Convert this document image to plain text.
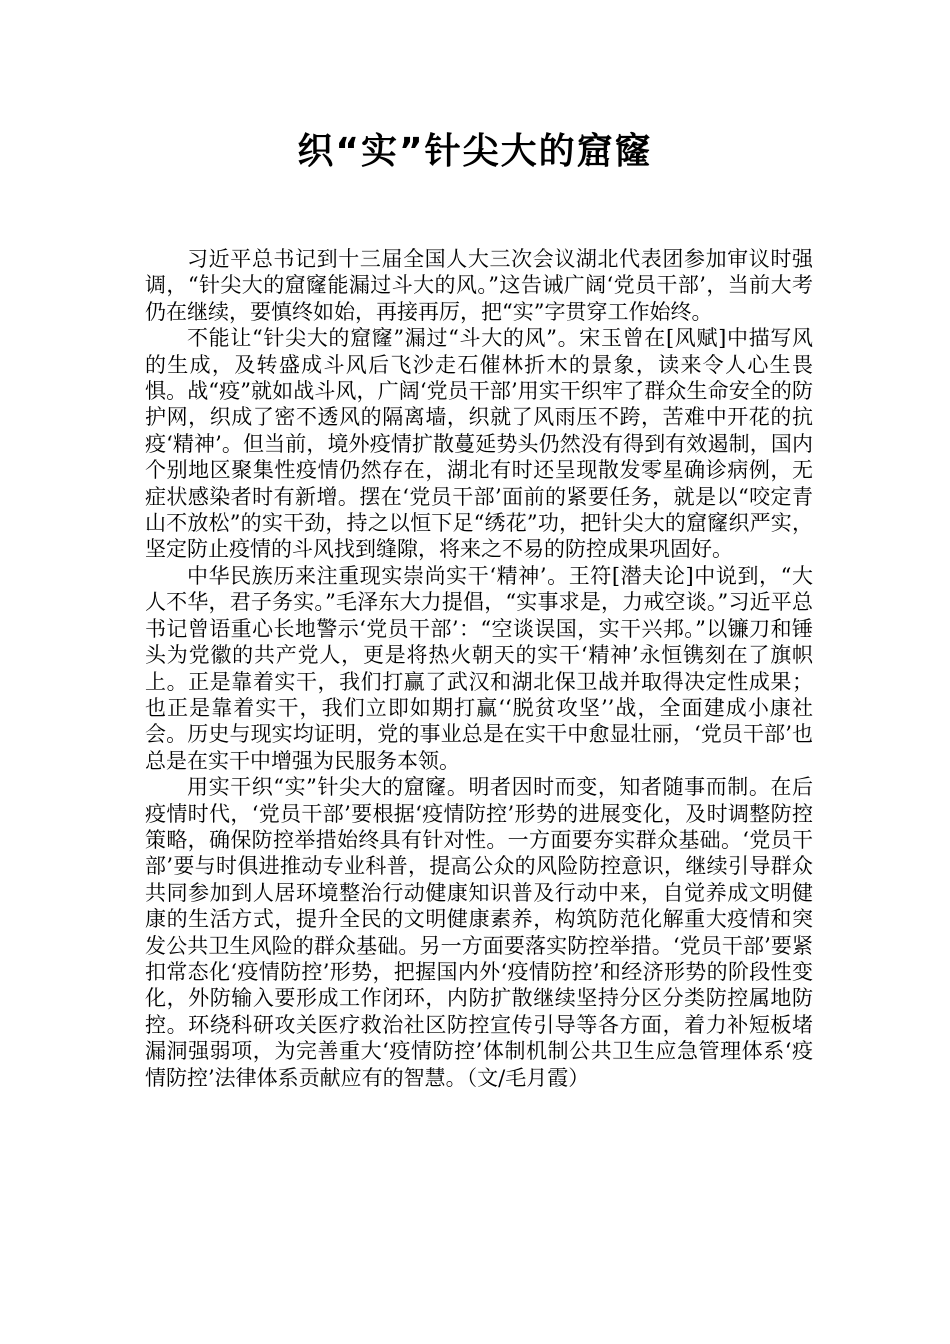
织“实”针尖大的窟窿

习近平总书记到十三届全国人大三次会议湖北代表团参加审议时强调，“针尖大的窟窿能漏过斗大的风。”这告诫广阔‘党员干部’，当前大考仍在继续，要慎终如始，再接再厉，把“实”字贯穿工作始终。

不能让“针尖大的窟窿”漏过“斗大的风”。宋玉曾在[风赋]中描写风的生成，及转盛成斗风后飞沙走石催林折木的景象，读来令人心生畏惧。战“疫”就如战斗风，广阔‘党员干部’用实干织牢了群众生命安全的防护网，织成了密不透风的隔离墙，织就了风雨压不跨，苦难中开花的抗疫‘精神’。但当前，境外疫情扩散蔓延势头仍然没有得到有效遏制，国内个别地区聚集性疫情仍然存在，湖北有时还呈现散发零星确诊病例，无症状感染者时有新增。摆在‘党员干部’面前的紧要任务，就是以“咬定青山不放松”的实干劲，持之以恒下足“绣花”功，把针尖大的窟窿织严实，坚定防止疫情的斗风找到缝隙，将来之不易的防控成果巩固好。

中华民族历来注重现实崇尚实干‘精神’。王符[潜夫论]中说到，“大人不华，君子务实。”毛泽东大力提倡，“实事求是，力戒空谈。”习近平总书记曾语重心长地警示‘党员干部’：“空谈误国，实干兴邦。”以镰刀和锤头为党徽的共产党人，更是将热火朝天的实干‘精神’永恒镌刻在了旗帜上。正是靠着实干，我们打赢了武汉和湖北保卫战并取得决定性成果；也正是靠着实干，我们立即如期打赢‘‘脱贫攻坚’’战，全面建成小康社会。历史与现实均证明，党的事业总是在实干中愈显壮丽，‘党员干部’也总是在实干中增强为民服务本领。

用实干织“实”针尖大的窟窿。明者因时而变，知者随事而制。在后疫情时代，‘党员干部’要根据‘疫情防控’形势的进展变化，及时调整防控策略，确保防控举措始终具有针对性。一方面要夯实群众基础。‘党员干部’要与时俱进推动专业科普，提高公众的风险防控意识，继续引导群众共同参加到人居环境整治行动健康知识普及行动中来，自觉养成文明健康的生活方式，提升全民的文明健康素养，构筑防范化解重大疫情和突发公共卫生风险的群众基础。另一方面要落实防控举措。‘党员干部’要紧扣常态化‘疫情防控’形势，把握国内外‘疫情防控’和经济形势的阶段性变化，外防输入要形成工作闭环，内防扩散继续坚持分区分类防控属地防控。环绕科研攻关医疗救治社区防控宣传引导等各方面，着力补短板堵漏洞强弱项，为完善重大‘疫情防控’体制机制公共卫生应急管理体系‘疫情防控’法律体系贡献应有的智慧。（文/毛月霞）
